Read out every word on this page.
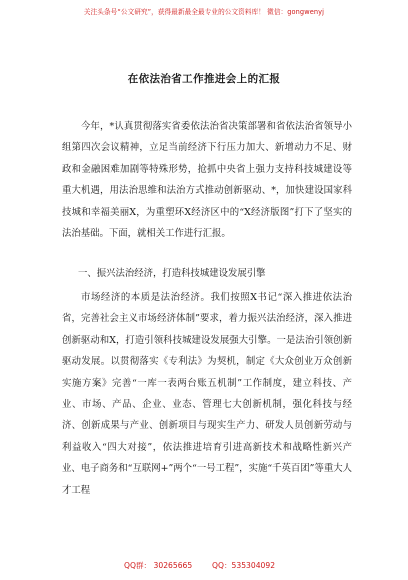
关注头条号“公文研究”，获得最新最全最专业的公文资料库！ 微信：gongwenyj
在依法治省工作推进会上的汇报
今年，*认真贯彻落实省委依法治省决策部署和省依法治省领导小组第四次会议精神，立足当前经济下行压力加大、新增动力不足、财政和金融困难加剧等特殊形势，抢抓中央省上强力支持科技城建设等重大机遇，用法治思维和法治方式推动创新驱动、*，加快建设国家科技城和幸福美丽X，为重塑环X经济区中的“X经济版图”打下了坚实的法治基础。下面，就相关工作进行汇报。
一、振兴法治经济，打造科技城建设发展引擎
市场经济的本质是法治经济。我们按照X书记“深入推进依法治省，完善社会主义市场经济体制”要求，着力振兴法治经济，深入推进创新驱动和X，打造引领科技城建设发展强大引擎。一是法治引领创新驱动发展。以贯彻落实《专利法》为契机，制定《大众创业万众创新实施方案》完善“一库一表两台账五机制”工作制度，建立科技、产业、市场、产品、企业、业态、管理七大创新机制，强化科技与经济、创新成果与产业、创新项目与现实生产力、研发人员创新劳动与利益收入“四大对接”，依法推进培育引进高新技术和战略性新兴产业、电子商务和“互联网+”两个“一号工程”，实施“千英百团”等重大人才工程
QQ群： 30265665	QQ：535304092
